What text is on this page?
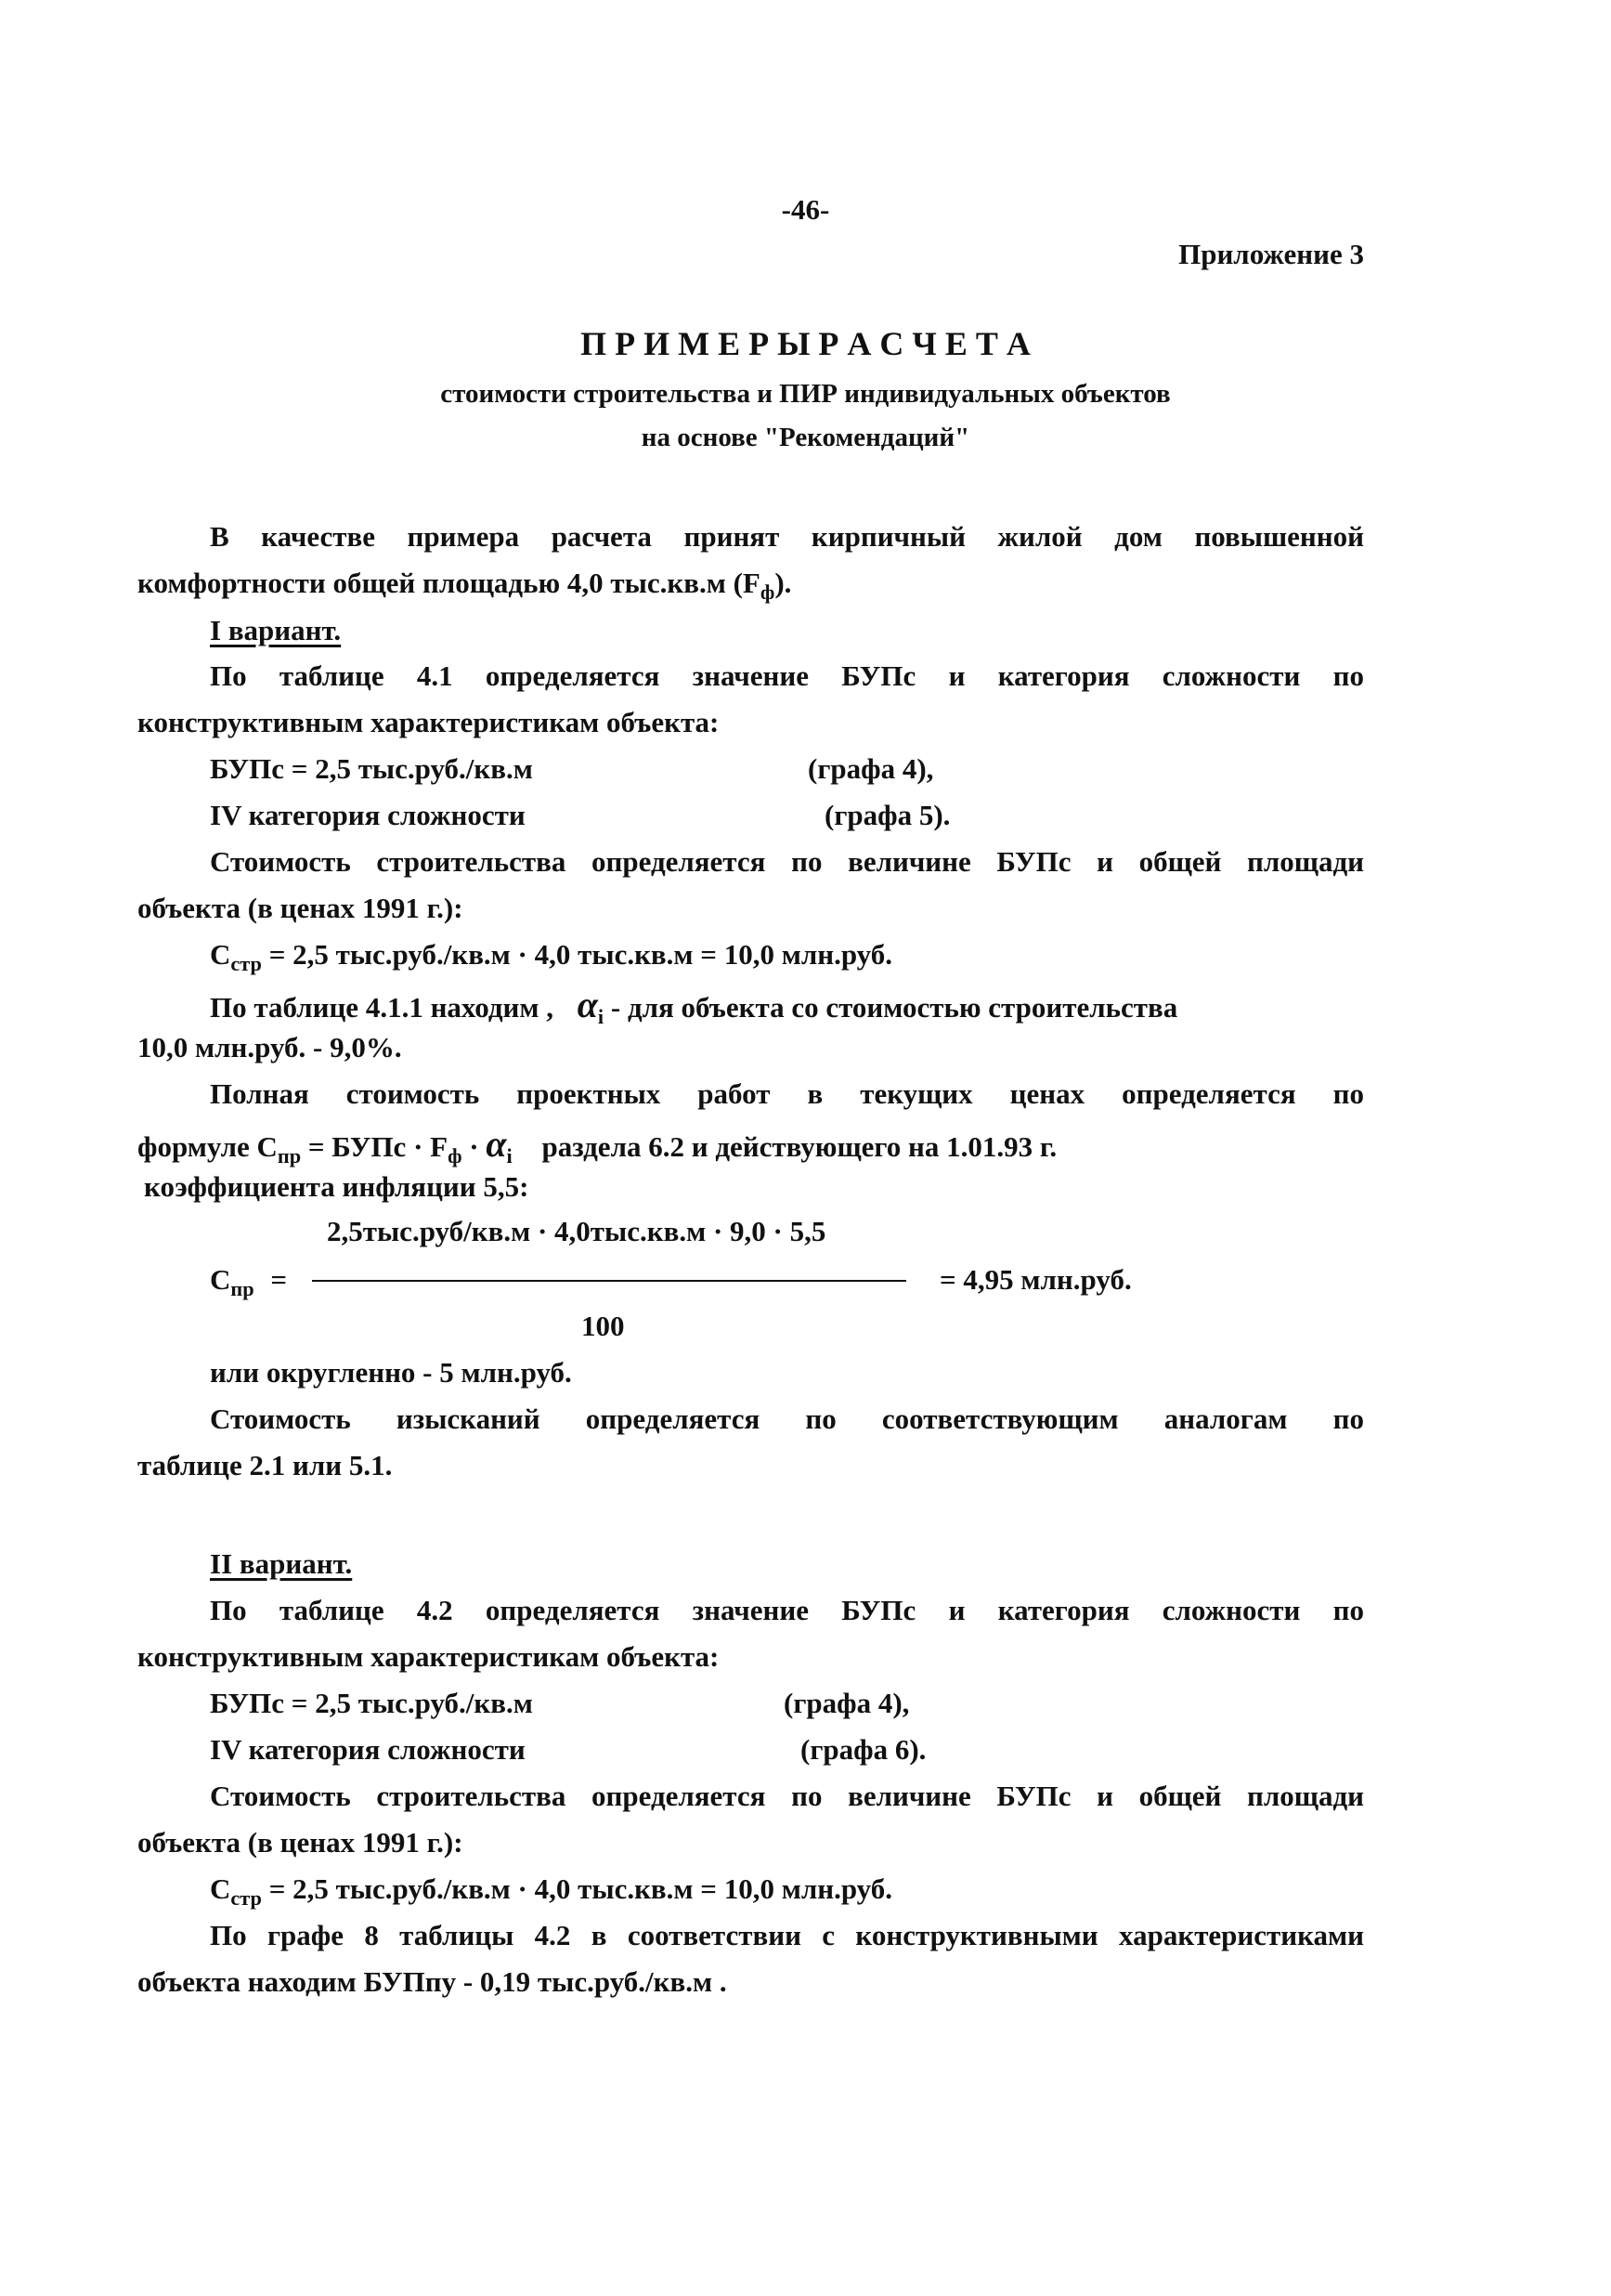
-46-
Приложение 3
П Р И М Е Р Ы Р А С Ч Е Т А
стоимости строительства и ПИР индивидуальных объектов
на основе "Рекомендаций"
В качестве примера расчета принят кирпичный жилой дом повышенной
комфортности общей площадью 4,0 тыс.кв.м $(F_ф)$.
I вариант.
По таблице 4.1 определяется значение БУПс и категория сложности по
конструктивным характеристикам объекта:
БУПс = 2,5 тыс.руб./кв.м	(графа 4),
IV категория сложности	(графа 5).
Стоимость строительства определяется по величине БУПс и общей площади
объекта (в ценах 1991 г.):
$C_{стр} = 2,5$ тыс.руб./кв.м · 4,0 тыс.кв.м = 10,0 млн.руб.
По таблице 4.1.1 находим , $\alpha_i$ - для объекта со стоимостью строительства
10,0 млн.руб. - 9,0%.
Полная стоимость проектных работ в текущих ценах определяется по
формуле $C_{пр}$ = БУПс · $F_ф \cdot \alpha_i$ раздела 6.2 и действующего на 1.01.93 г.
коэффициента инфляции 5,5:
2,5тыс.руб/кв.м · 4,0тыс.кв.м · 9,0 · 5,5
$C_{пр}$ =	= 4,95 млн.руб.
100
или округленно - 5 млн.руб.
Стоимость изысканий определяется по соответствующим аналогам по
таблице 2.1 или 5.1.
II вариант.
По таблице 4.2 определяется значение БУПс и категория сложности по
конструктивным характеристикам объекта:
БУПс = 2,5 тыс.руб./кв.м	(графа 4),
IV категория сложности	(графа 6).
Стоимость строительства определяется по величине БУПс и общей площади
объекта (в ценах 1991 г.):
$C_{стр} = 2,5$ тыс.руб./кв.м · 4,0 тыс.кв.м = 10,0 млн.руб.
По графе 8 таблицы 4.2 в соответствии с конструктивными характеристиками
объекта находим БУПпу - 0,19 тыс.руб./кв.м .
